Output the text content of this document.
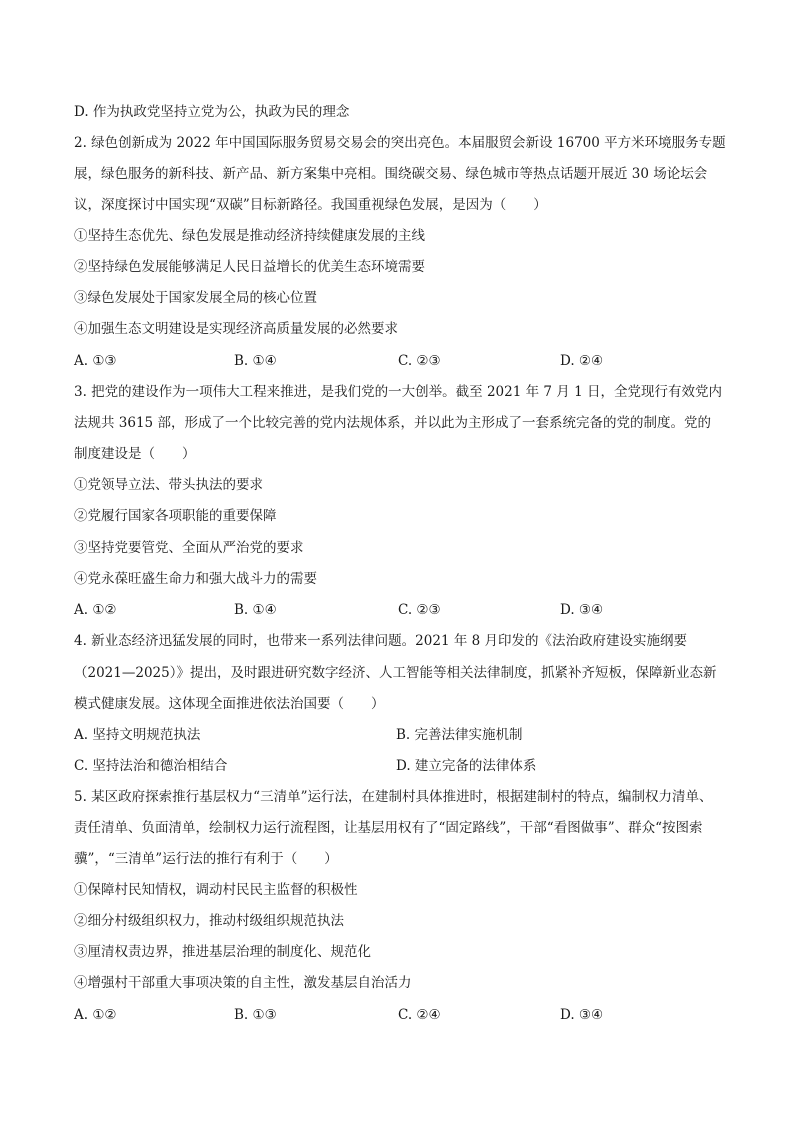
D. 作为执政党坚持立党为公，执政为民的理念
2. 绿色创新成为 2022 年中国国际服务贸易交易会的突出亮色。本届服贸会新设 16700 平方米环境服务专题
展，绿色服务的新科技、新产品、新方案集中亮相。围绕碳交易、绿色城市等热点话题开展近 30 场论坛会
议，深度探讨中国实现“双碳”目标新路径。我国重视绿色发展，是因为（　　）
①坚持生态优先、绿色发展是推动经济持续健康发展的主线
②坚持绿色发展能够满足人民日益增长的优美生态环境需要
③绿色发展处于国家发展全局的核心位置
④加强生态文明建设是实现经济高质量发展的必然要求
A. ①③	B. ①④	C. ②③	D. ②④
3. 把党的建设作为一项伟大工程来推进，是我们党的一大创举。截至 2021 年 7 月 1 日，全党现行有效党内
法规共 3615 部，形成了一个比较完善的党内法规体系，并以此为主形成了一套系统完备的党的制度。党的
制度建设是（　　）
①党领导立法、带头执法的要求
②党履行国家各项职能的重要保障
③坚持党要管党、全面从严治党的要求
④党永葆旺盛生命力和强大战斗力的需要
A. ①②	B. ①④	C. ②③	D. ③④
4. 新业态经济迅猛发展的同时，也带来一系列法律问题。2021 年 8 月印发的《法治政府建设实施纲要
（2021—2025）》提出，及时跟进研究数字经济、人工智能等相关法律制度，抓紧补齐短板，保障新业态新
模式健康发展。这体现全面推进依法治国要（　　）
A. 坚持文明规范执法	B. 完善法律实施机制
C. 坚持法治和德治相结合	D. 建立完备的法律体系
5. 某区政府探索推行基层权力“三清单”运行法，在建制村具体推进时，根据建制村的特点，编制权力清单、
责任清单、负面清单，绘制权力运行流程图，让基层用权有了“固定路线”，干部“看图做事”、群众“按图索
骥”，“三清单”运行法的推行有利于（　　）
①保障村民知情权，调动村民民主监督的积极性
②细分村级组织权力，推动村级组织规范执法
③厘清权责边界，推进基层治理的制度化、规范化
④增强村干部重大事项决策的自主性，激发基层自治活力
A. ①②	B. ①③	C. ②④	D. ③④
